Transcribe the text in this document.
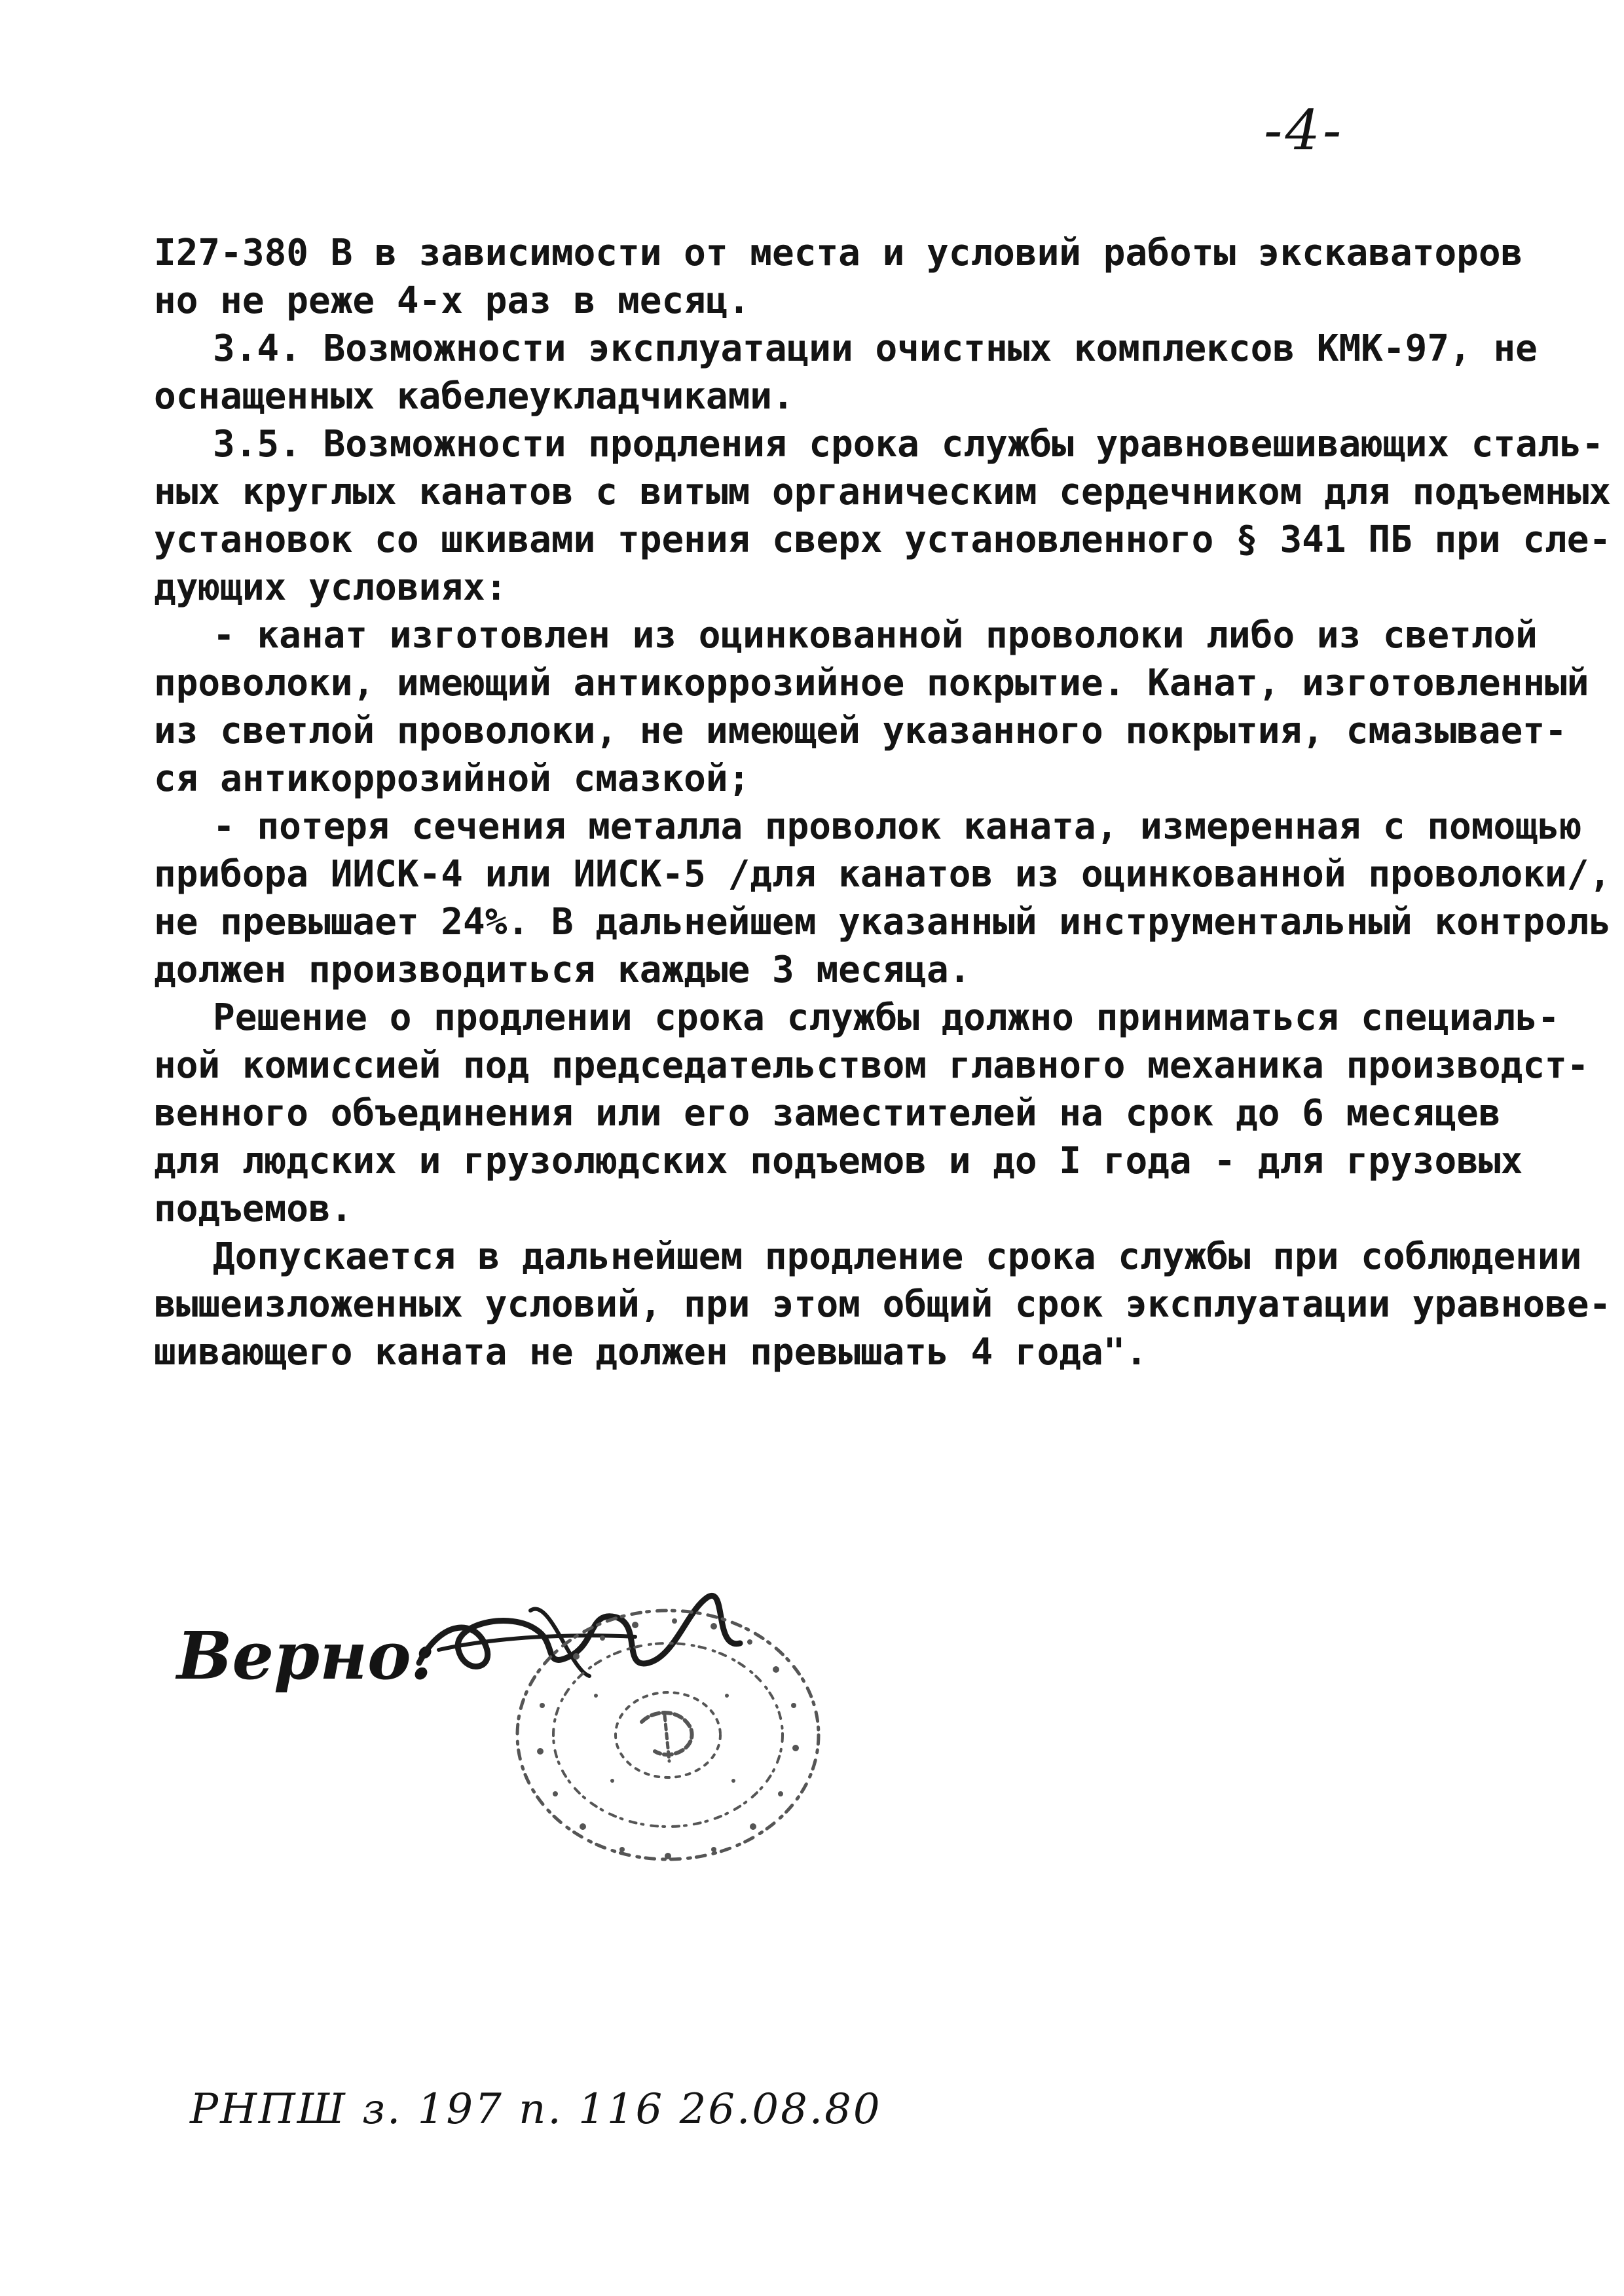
-4-
I27-380 В в зависимости от места и условий работы экскаваторов
но не реже 4-х раз в месяц.
3.4. Возможности эксплуатации очистных комплексов КМК-97, не
оснащенных кабелеукладчиками.
3.5. Возможности продления срока службы уравновешивающих сталь-
ных круглых канатов с витым органическим сердечником для подъемных
установок со шкивами трения сверх установленного § 341 ПБ при сле-
дующих условиях:
- канат изготовлен из оцинкованной проволоки либо из светлой
проволоки, имеющий антикоррозийное покрытие. Канат, изготовленный
из светлой проволоки, не имеющей указанного покрытия, смазывает-
ся антикоррозийной смазкой;
- потеря сечения металла проволок каната, измеренная с помощью
прибора ИИСК-4 или ИИСК-5 /для канатов из оцинкованной проволоки/,
не превышает 24%. В дальнейшем указанный инструментальный контроль
должен производиться каждые 3 месяца.
Решение о продлении срока службы должно приниматься специаль-
ной комиссией под председательством главного механика производст-
венного объединения или его заместителей на срок до 6 месяцев
для людских и грузолюдских подъемов и до I года - для грузовых
подъемов.
Допускается в дальнейшем продление срока службы при соблюдении
вышеизложенных условий, при этом общий срок эксплуатации уравнове-
шивающего каната не должен превышать 4 года".
Верно:
РНПШ з. 197 п. 116 26.08.80
